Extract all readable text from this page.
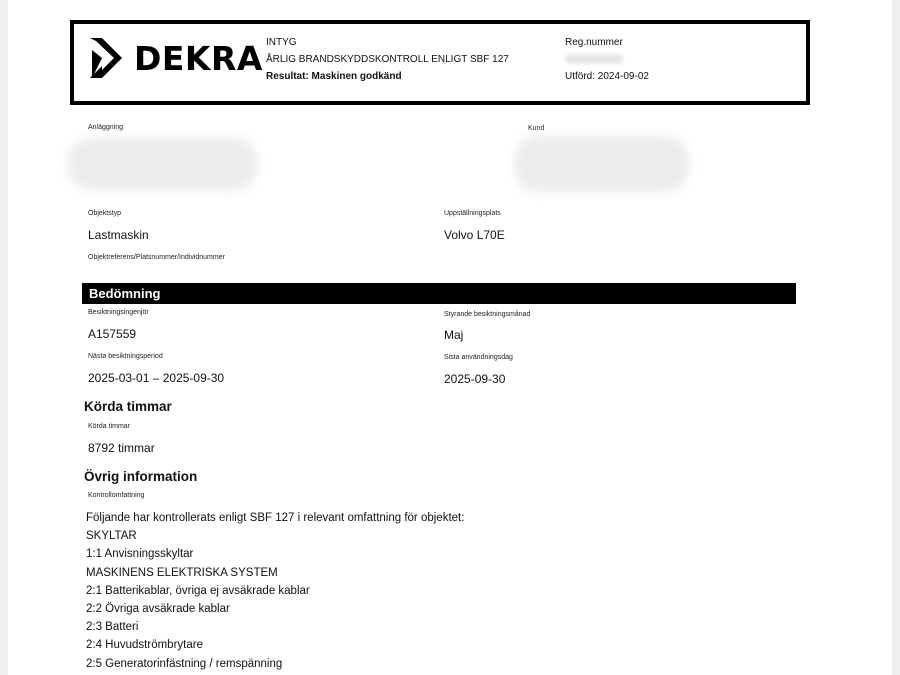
DEKRA INTYG
ÅRLIG BRANDSKYDDSKONTROLL ENLIGT SBF 127
Resultat: Maskinen godkänd
Reg.nummer
Utförd: 2024-09-02
Anläggning	Kund
Objektstyp
Lastmaskin
Uppställningsplats
Volvo L70E
Objektreferens/Platsnummer/Individnummer
Bedömning
Besiktningsingenjör
A157559
Styrande besiktningsmånad
Maj
Nästa besiktningsperiod
2025-03-01 – 2025-09-30
Sista användningsdag
2025-09-30
Körda timmar
Körda timmar
8792 timmar
Övrig information
Kontrollomfattning
Följande har kontrollerats enligt SBF 127 i relevant omfattning för objektet:
SKYLTAR
1:1 Anvisningsskyltar
MASKINENS ELEKTRISKA SYSTEM
2:1 Batterikablar, övriga ej avsäkrade kablar
2:2 Övriga avsäkrade kablar
2:3 Batteri
2:4 Huvudströmbrytare
2:5 Generatorinfästning / remspänning
